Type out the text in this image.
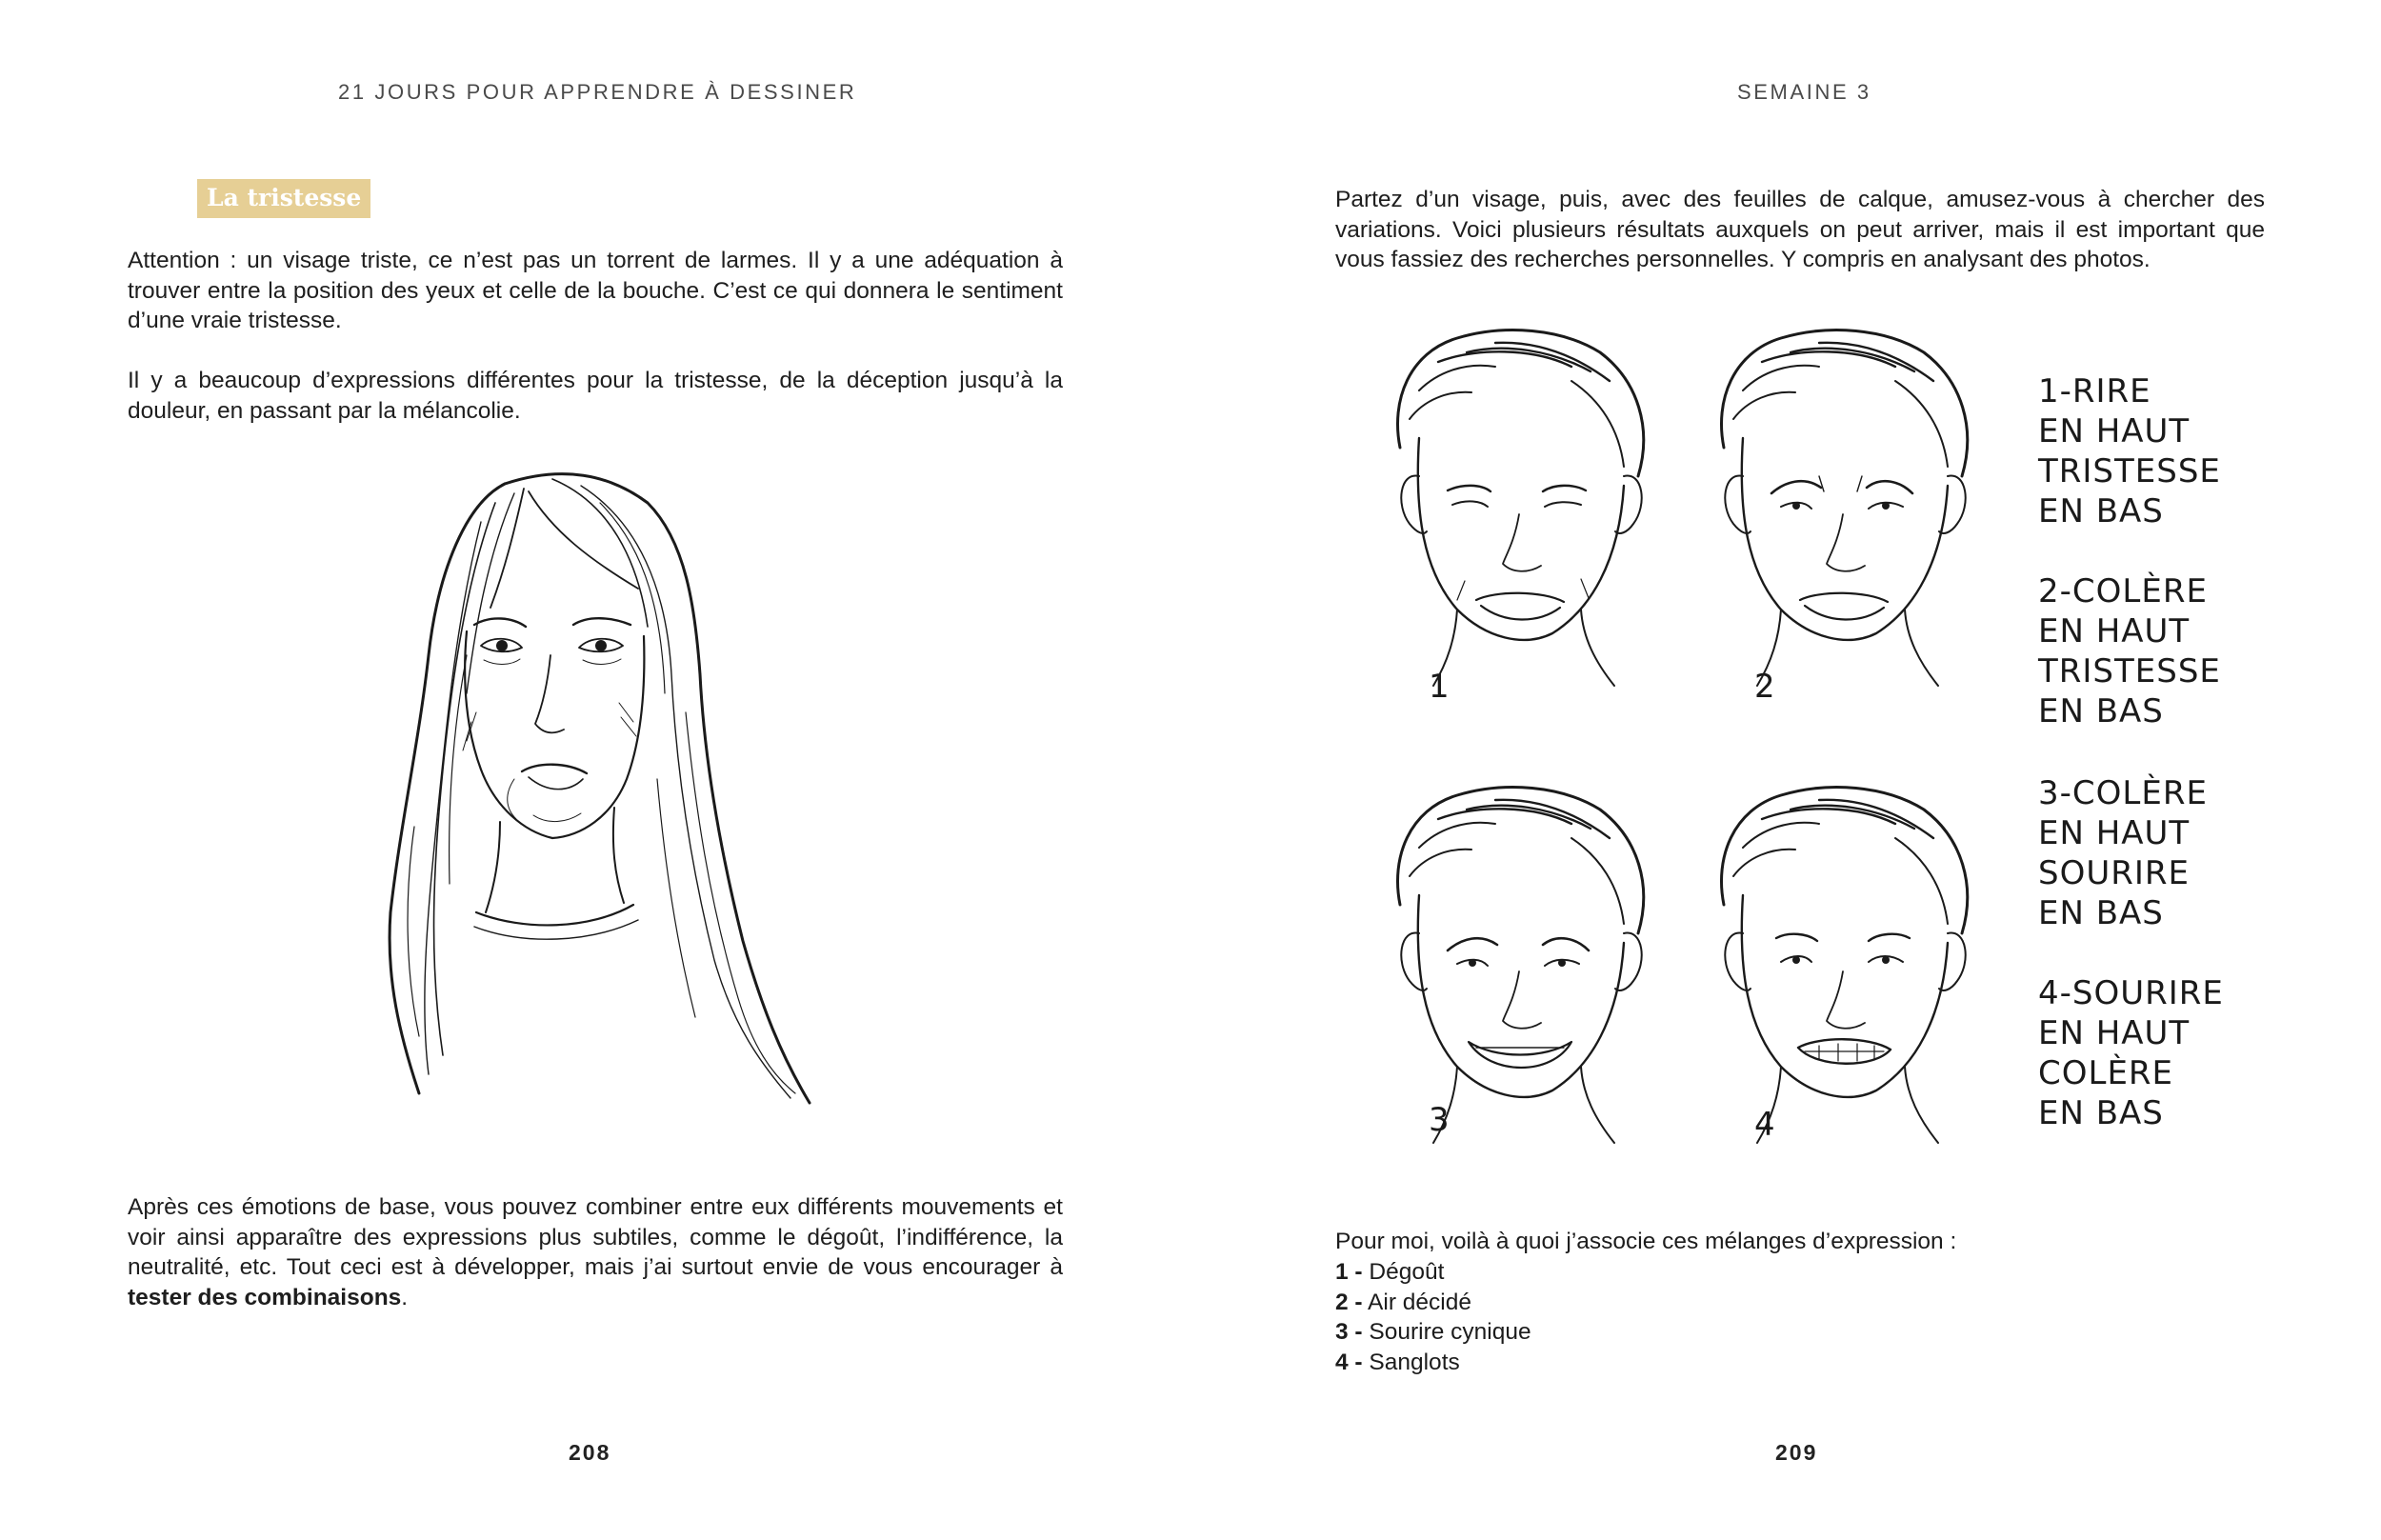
21 JOURS POUR APPRENDRE À DESSINER
La tristesse

Attention : un visage triste, ce n’est pas un torrent de larmes. Il y a une adéquation à trouver entre la position des yeux et celle de la bouche. C’est ce qui donnera le sentiment d’une vraie tristesse.

Il y a beaucoup d’expressions différentes pour la tristesse, de la déception jusqu’à la douleur, en passant par la mélancolie.

Après ces émotions de base, vous pouvez combiner entre eux différents mouvements et voir ainsi apparaître des expressions plus subtiles, comme le dégoût, l’indifférence, la neutralité, etc. Tout ceci est à développer, mais j’ai surtout envie de vous encourager à tester des combinaisons.

208
SEMAINE 3

Partez d’un visage, puis, avec des feuilles de calque, amusez-vous à chercher des variations. Voici plusieurs résultats auxquels on peut arriver, mais il est important que vous fassiez des recherches personnelles. Y compris en analysant des photos.

1	2
3	4
1-RIRE
EN HAUT
TRISTESSE
EN BAS
2-COLÈRE
EN HAUT
TRISTESSE
EN BAS
3-COLÈRE
EN HAUT
SOURIRE
EN BAS
4-SOURIRE
EN HAUT
COLÈRE
EN BAS
Pour moi, voilà à quoi j’associe ces mélanges d’expression :
1 - Dégoût
2 - Air décidé
3 - Sourire cynique
4 - Sanglots
209
